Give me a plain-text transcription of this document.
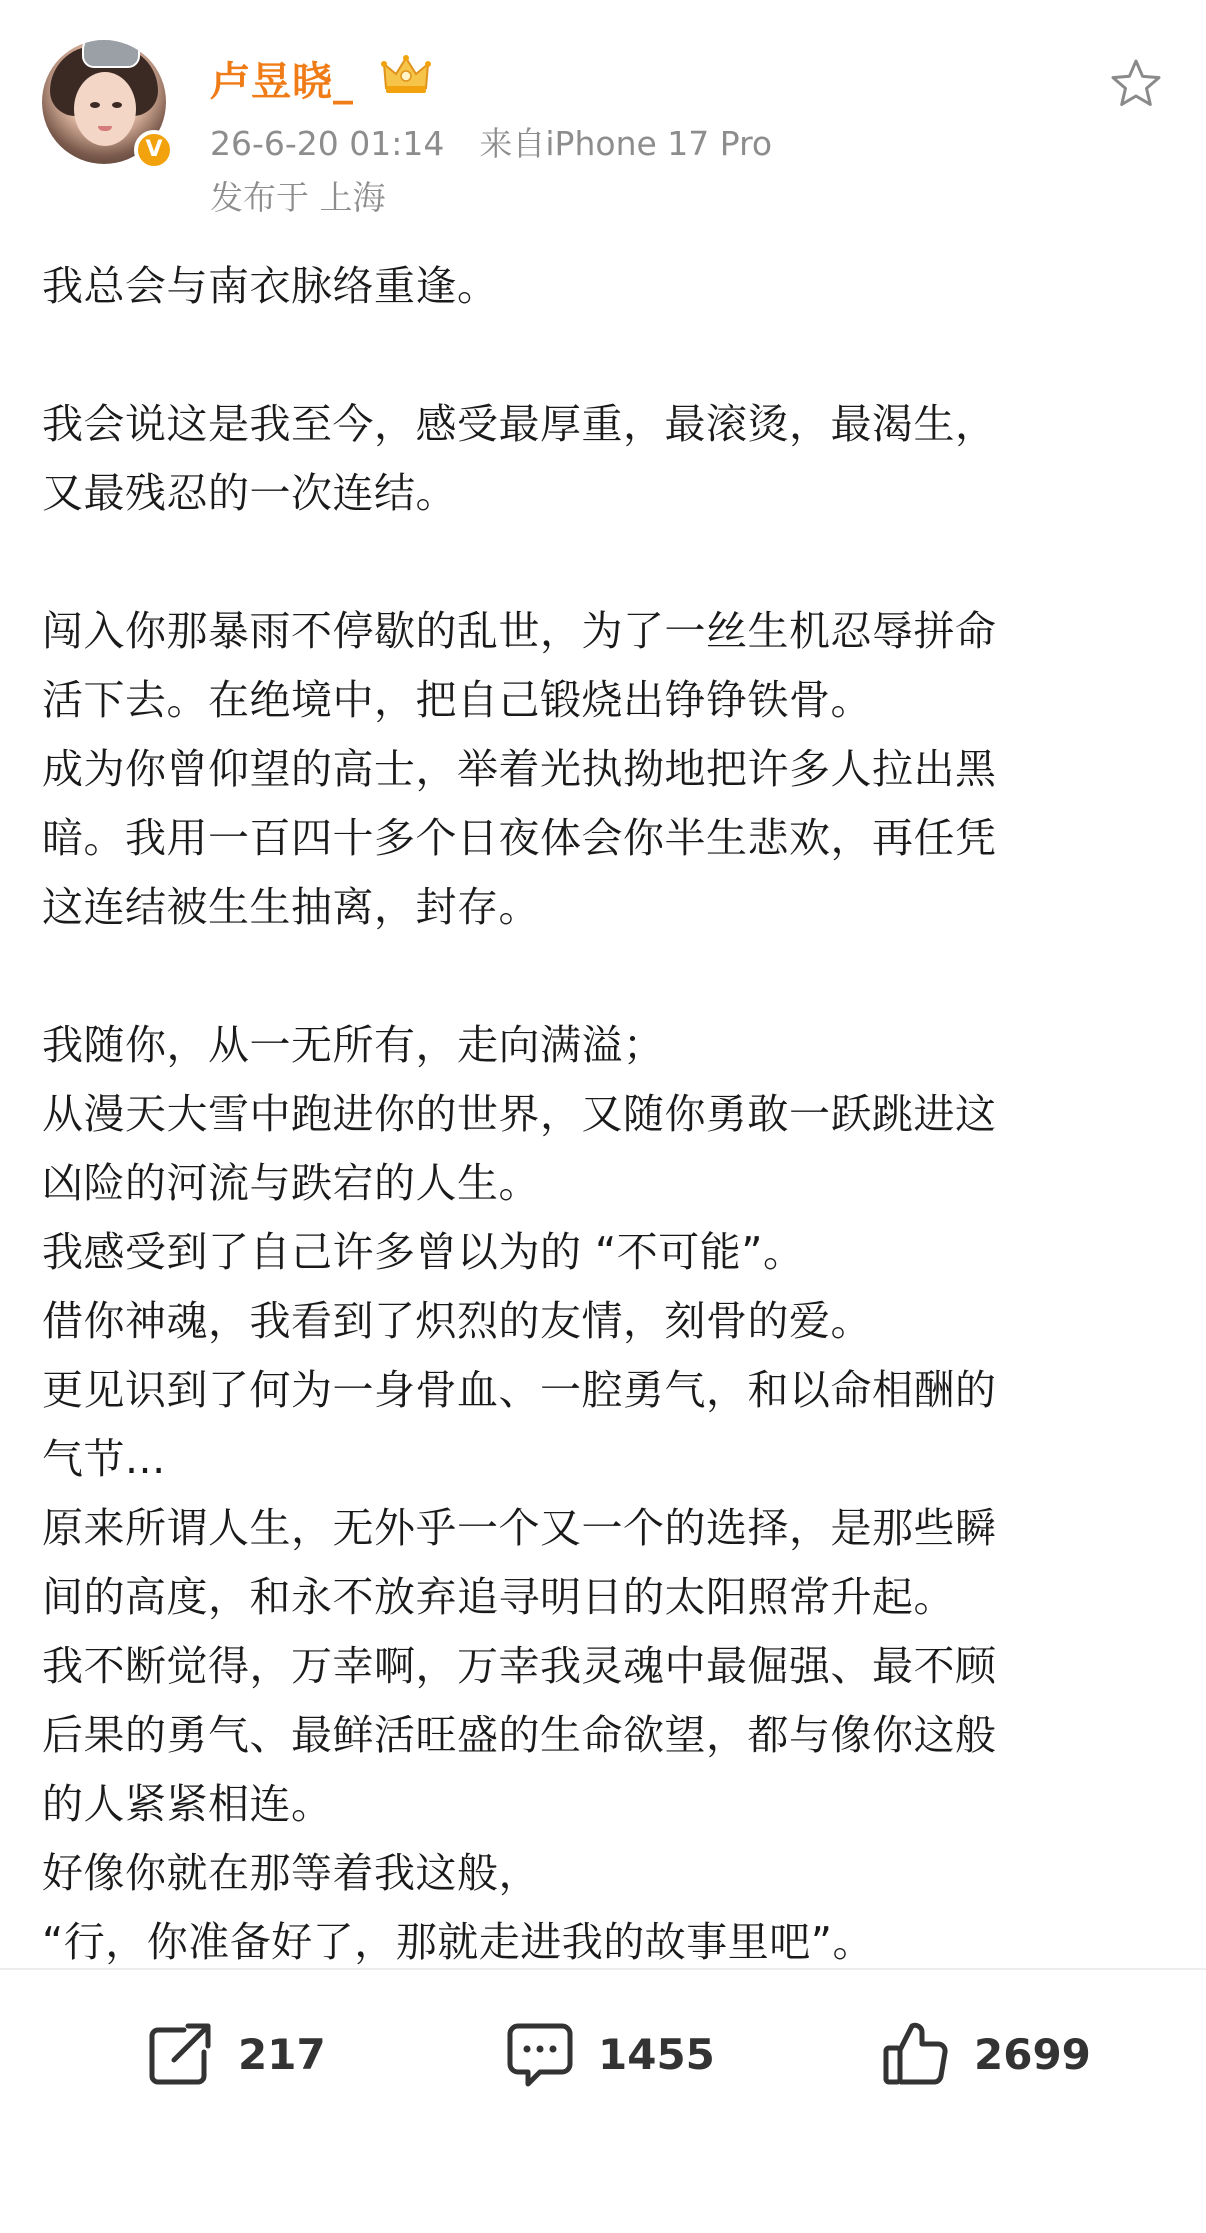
V
卢昱晓_
26-6-20 01:14 来自iPhone 17 Pro
发布于 上海
我总会与南衣脉络重逢。
我会说这是我至今，感受最厚重，最滚烫，最渴生，
又最残忍的一次连结。
闯入你那暴雨不停歇的乱世，为了一丝生机忍辱拼命
活下去。在绝境中，把自己锻烧出铮铮铁骨。
成为你曾仰望的高士，举着光执拗地把许多人拉出黑
暗。我用一百四十多个日夜体会你半生悲欢，再任凭
这连结被生生抽离，封存。
我随你，从一无所有，走向满溢；
从漫天大雪中跑进你的世界，又随你勇敢一跃跳进这
凶险的河流与跌宕的人生。
我感受到了自己许多曾以为的 “不可能”。
借你神魂，我看到了炽烈的友情，刻骨的爱。
更见识到了何为一身骨血、一腔勇气，和以命相酬的
气节...
原来所谓人生，无外乎一个又一个的选择，是那些瞬
间的高度，和永不放弃追寻明日的太阳照常升起。
我不断觉得，万幸啊，万幸我灵魂中最倔强、最不顾
后果的勇气、最鲜活旺盛的生命欲望，都与像你这般
的人紧紧相连。
好像你就在那等着我这般，
“行，你准备好了，那就走进我的故事里吧”。
217	1455	2699
